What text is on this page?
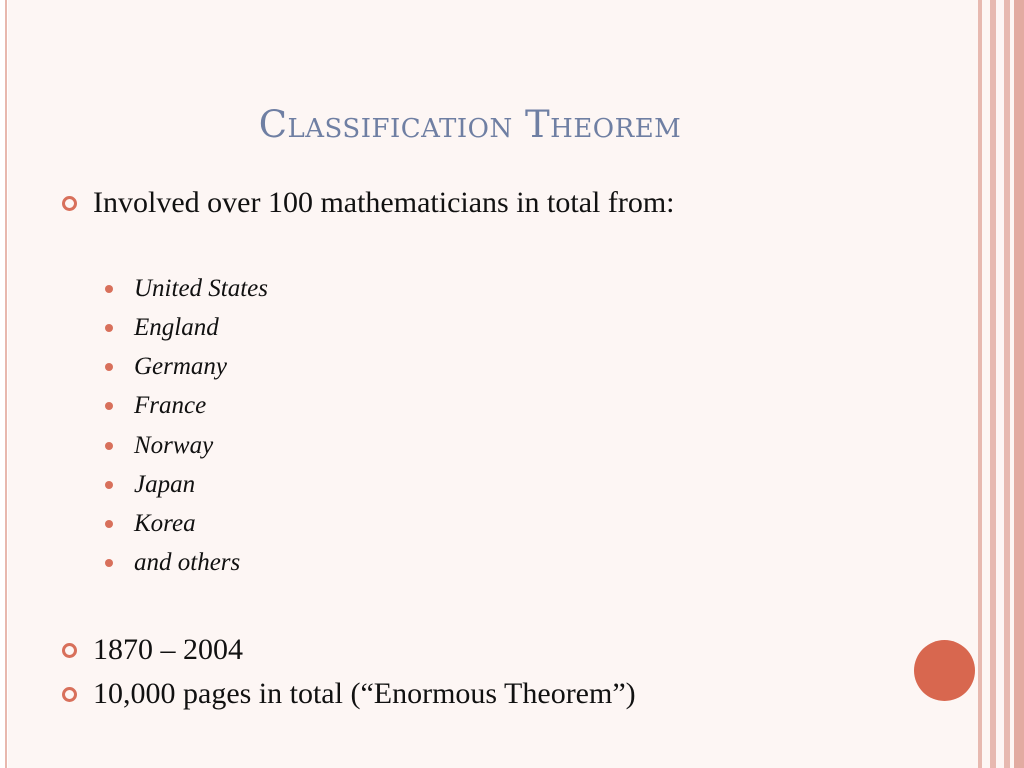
Classification Theorem
Involved over 100 mathematicians in total from:
United States
England
Germany
France
Norway
Japan
Korea
and others
1870 – 2004
10,000 pages in total (“Enormous Theorem”)
